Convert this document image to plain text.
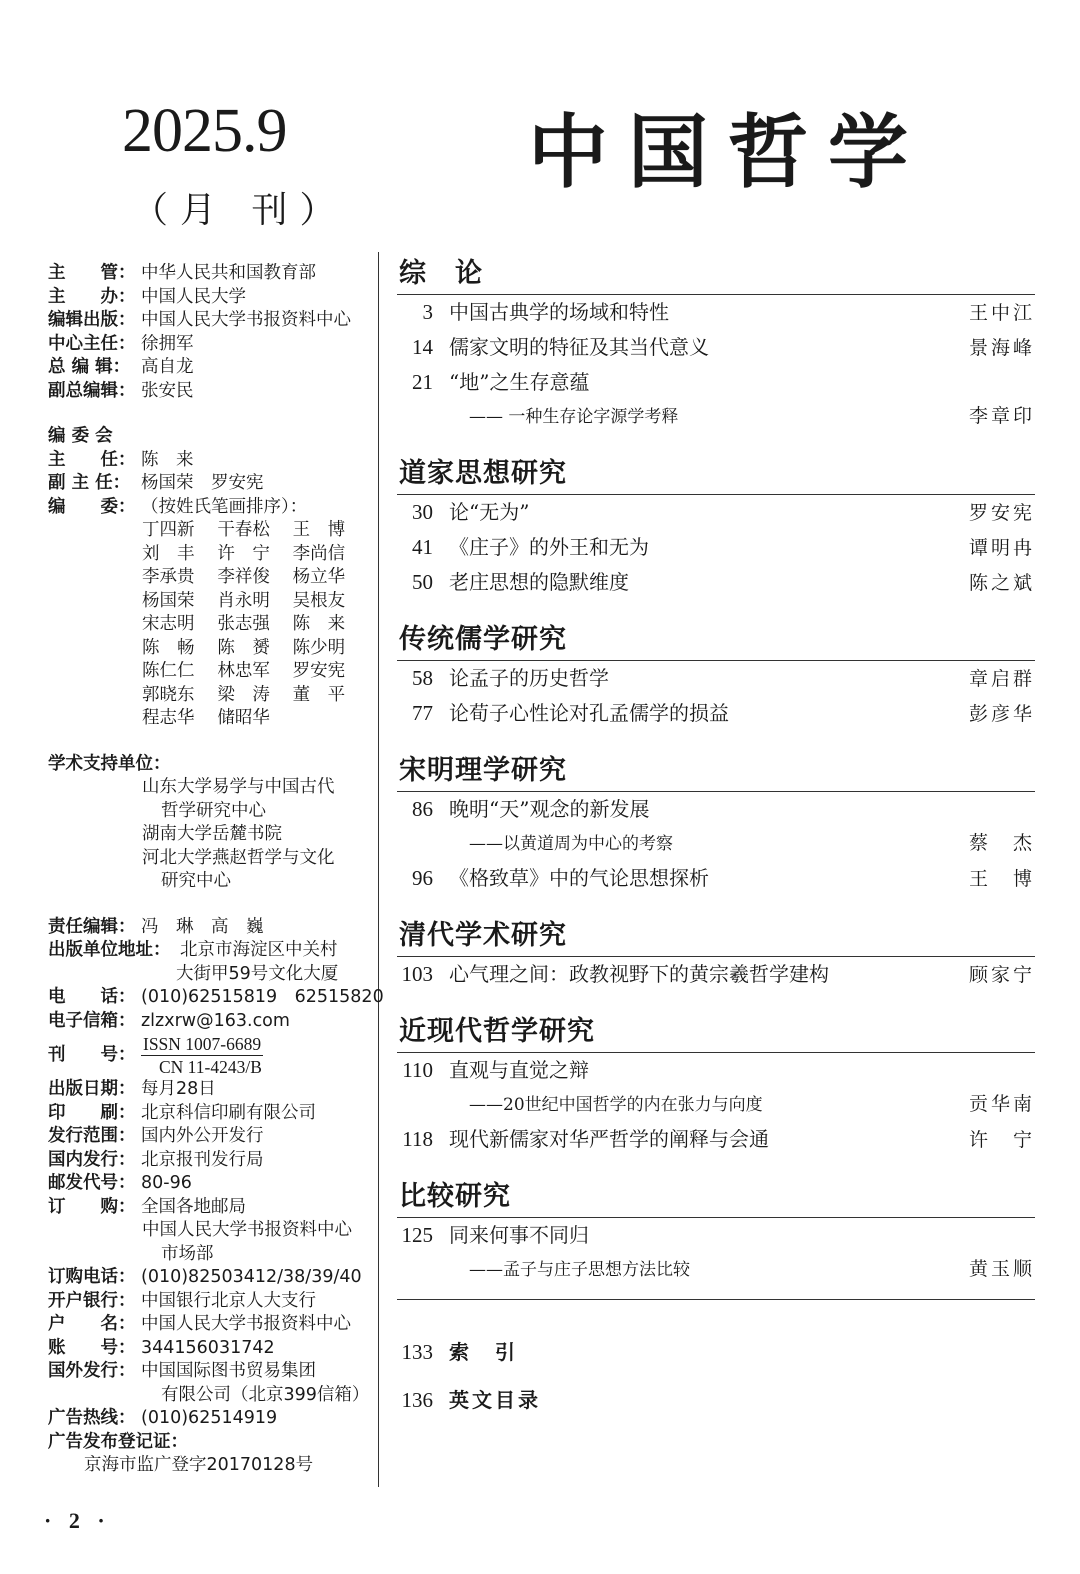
2025.9
（月 刊）
中国哲学
主　　管： 中华人民共和国教育部
主　　办： 中国人民大学
编辑出版： 中国人民大学书报资料中心
中心主任： 徐拥军
总 编 辑： 高自龙
副总编辑： 张安民
编 委 会
主　　任： 陈　来
副 主 任： 杨国荣　罗安宪
编　　委： （按姓氏笔画排序）：
丁四新	干春松	王　博
刘　丰	许　宁	李尚信
李承贵	李祥俊	杨立华
杨国荣	肖永明	吴根友
宋志明	张志强	陈　来
陈　畅	陈　赟	陈少明
陈仁仁	林忠军	罗安宪
郭晓东	梁　涛	董　平
程志华	储昭华
学术支持单位：
山东大学易学与中国古代
哲学研究中心
湖南大学岳麓书院
河北大学燕赵哲学与文化
研究中心
责任编辑： 冯　琳　高　巍
出版单位地址： 北京市海淀区中关村
大街甲59号文化大厦
电　　话： (010)62515819　62515820
电子信箱： zlzxrw@163.com
刊　　号：
ISSN 1007-6689
CN 11-4243/B
出版日期： 每月28日
印　　刷： 北京科信印刷有限公司
发行范围： 国内外公开发行
国内发行： 北京报刊发行局
邮发代号： 80-96
订　　购： 全国各地邮局
中国人民大学书报资料中心
市场部
订购电话： (010)82503412/38/39/40
开户银行： 中国银行北京人大支行
户　　名： 中国人民大学书报资料中心
账　　号： 344156031742
国外发行： 中国国际图书贸易集团
有限公司（北京399信箱）
广告热线： (010)62514919
广告发布登记证：
京海市监广登字20170128号
· 2 ·
综　论
3 中国古典学的场域和特性	王中江
14 儒家文明的特征及其当代意义	景海峰
21 “地”之生存意蕴
—— 一种生存论字源学考释	李章印
道家思想研究
30 论“无为”	罗安宪
41 《庄子》的外王和无为	谭明冉
50 老庄思想的隐默维度	陈之斌
传统儒学研究
58 论孟子的历史哲学	章启群
77 论荀子心性论对孔孟儒学的损益	彭彦华
宋明理学研究
86 晚明“天”观念的新发展
——以黄道周为中心的考察	蔡　杰
96 《格致草》中的气论思想探析	王　博
清代学术研究
103 心气理之间：政教视野下的黄宗羲哲学建构	顾家宁
近现代哲学研究
110 直观与直觉之辩
——20世纪中国哲学的内在张力与向度	贡华南
118 现代新儒家对华严哲学的阐释与会通	许　宁
比较研究
125 同来何事不同归
——孟子与庄子思想方法比较	黄玉顺
133 索　引
136 英文目录
